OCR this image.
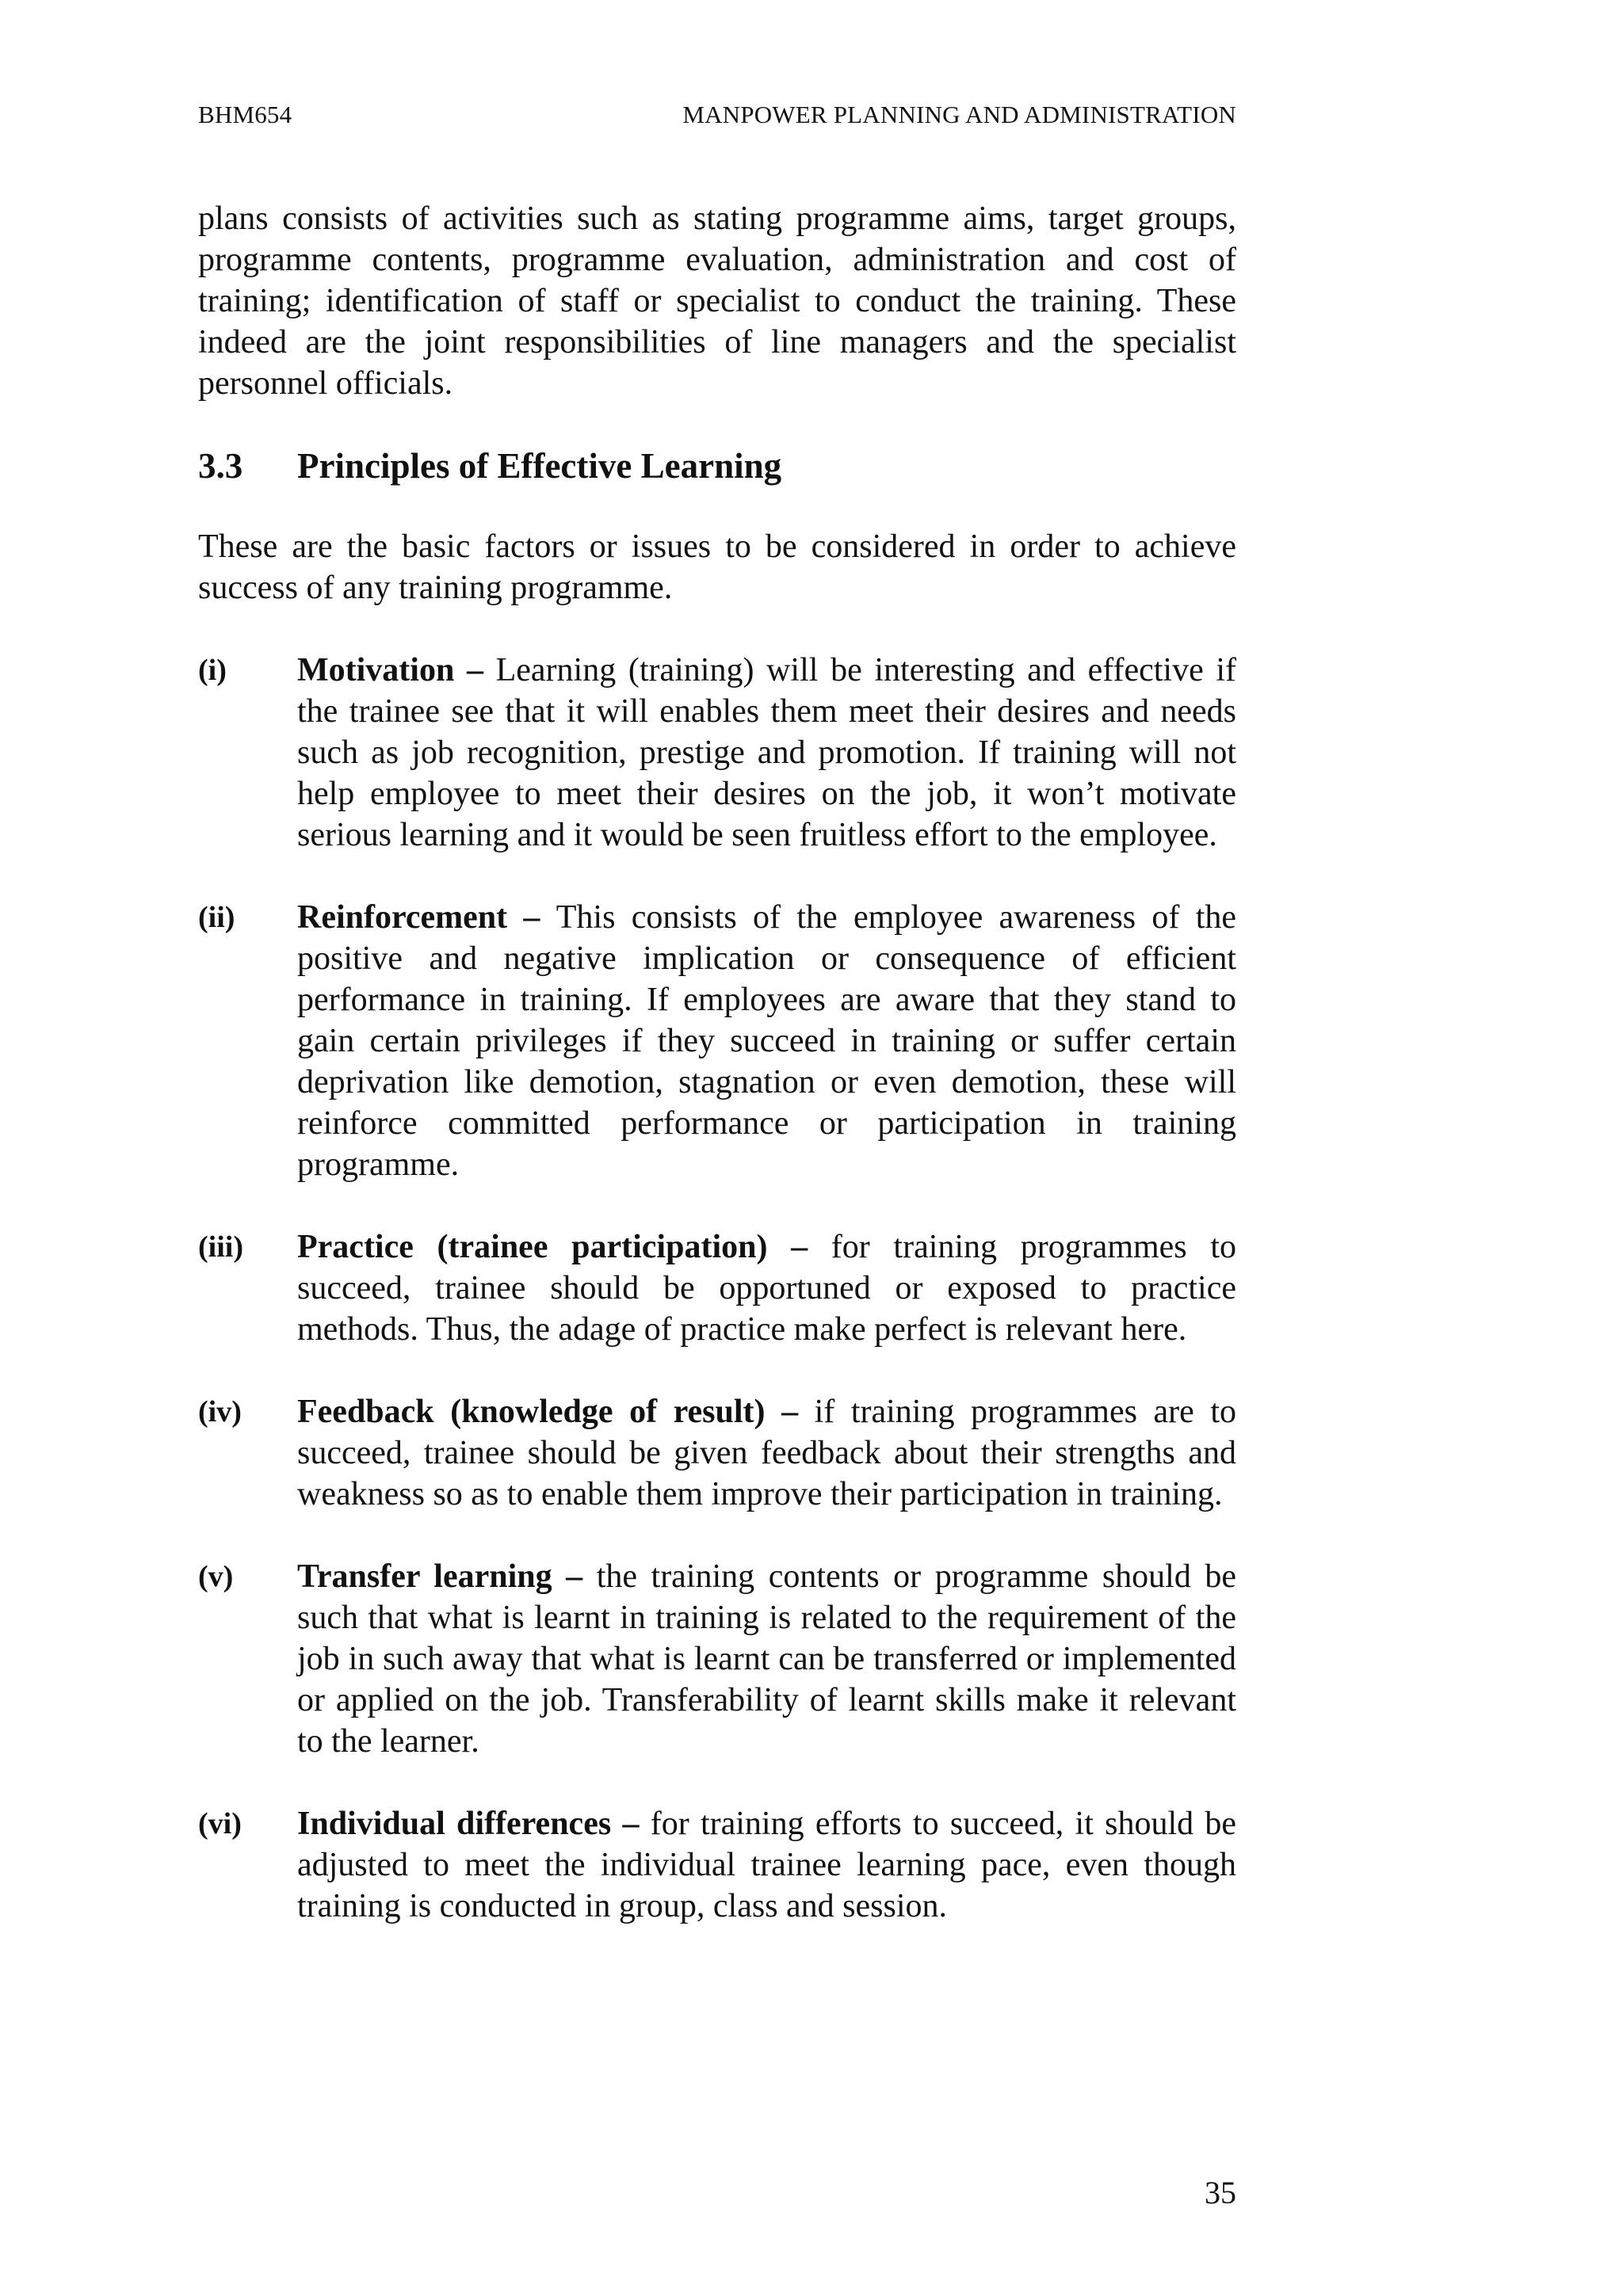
BHM654	MANPOWER PLANNING AND ADMINISTRATION

plans consists of activities such as stating programme aims, target groups, programme contents, programme evaluation, administration and cost of training; identification of staff or specialist to conduct the training. These indeed are the joint responsibilities of line managers and the specialist personnel officials.

3.3	Principles of Effective Learning

These are the basic factors or issues to be considered in order to achieve success of any training programme.

(i)	Motivation – Learning (training) will be interesting and effective if the trainee see that it will enables them meet their desires and needs such as job recognition, prestige and promotion. If training will not help employee to meet their desires on the job, it won’t motivate serious learning and it would be seen fruitless effort to the employee.
(ii)	Reinforcement – This consists of the employee awareness of the positive and negative implication or consequence of efficient performance in training. If employees are aware that they stand to gain certain privileges if they succeed in training or suffer certain deprivation like demotion, stagnation or even demotion, these will reinforce committed performance or participation in training programme.
(iii)	Practice (trainee participation) – for training programmes to succeed, trainee should be opportuned or exposed to practice methods. Thus, the adage of practice make perfect is relevant here.
(iv)	Feedback (knowledge of result) – if training programmes are to succeed, trainee should be given feedback about their strengths and weakness so as to enable them improve their participation in training.
(v)	Transfer learning – the training contents or programme should be such that what is learnt in training is related to the requirement of the job in such away that what is learnt can be transferred or implemented or applied on the job. Transferability of learnt skills make it relevant to the learner.
(vi)	Individual differences – for training efforts to succeed, it should be adjusted to meet the individual trainee learning pace, even though training is conducted in group, class and session.
35
